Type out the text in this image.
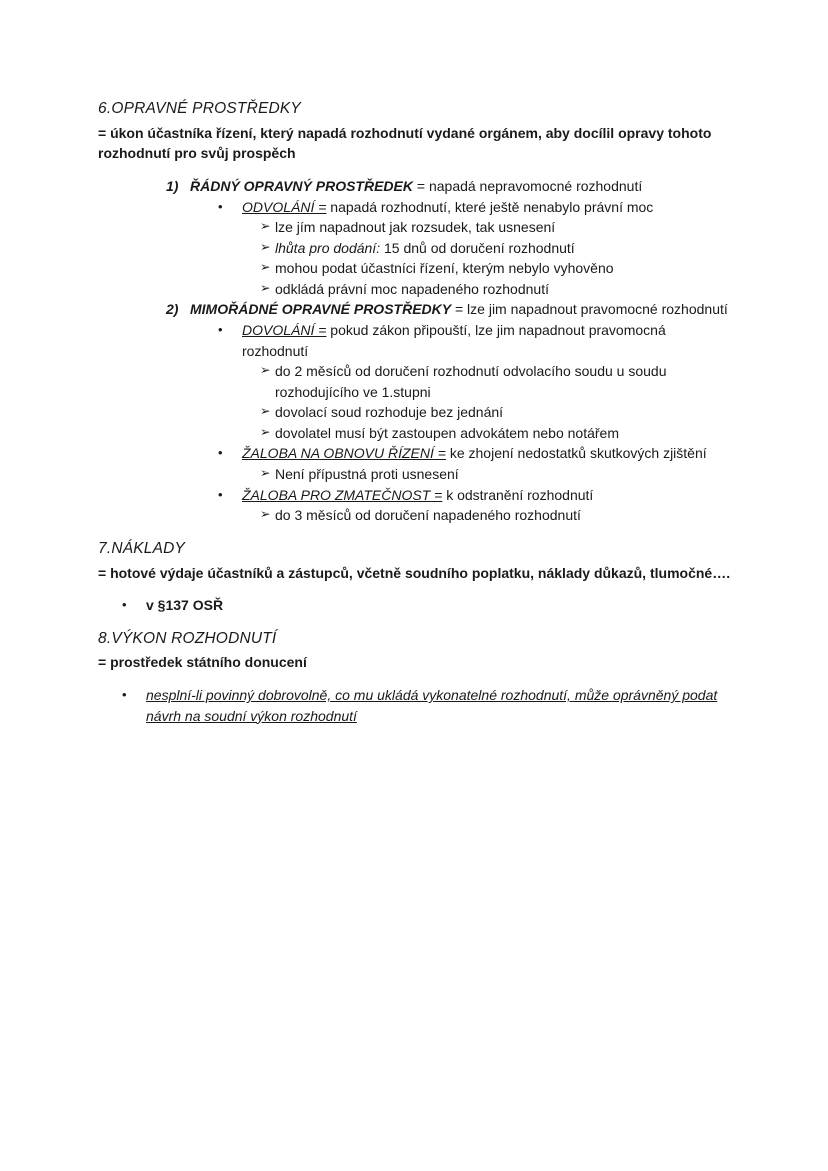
6.OPRAVNÉ PROSTŘEDKY

= úkon účastníka řízení, který napadá rozhodnutí vydané orgánem, aby docílil opravy tohoto rozhodnutí pro svůj prospěch

1) ŘÁDNÝ OPRAVNÝ PROSTŘEDEK = napadá nepravomocné rozhodnutí
•	ODVOLÁNÍ = napadá rozhodnutí, které ještě nenabylo právní moc
➢ lze jím napadnout jak rozsudek, tak usnesení
➢ lhůta pro dodání: 15 dnů od doručení rozhodnutí
➢ mohou podat účastníci řízení, kterým nebylo vyhověno
➢ odkládá právní moc napadeného rozhodnutí
2) MIMOŘÁDNÉ OPRAVNÉ PROSTŘEDKY = lze jim napadnout pravomocné rozhodnutí
•	DOVOLÁNÍ = pokud zákon připouští, lze jim napadnout pravomocná rozhodnutí
➢ do 2 měsíců od doručení rozhodnutí odvolacího soudu u soudu rozhodujícího ve 1.stupni
➢ dovolací soud rozhoduje bez jednání
➢ dovolatel musí být zastoupen advokátem nebo notářem
•	ŽALOBA NA OBNOVU ŘÍZENÍ = ke zhojení nedostatků skutkových zjištění
➢ Není přípustná proti usnesení
•	ŽALOBA PRO ZMATEČNOST = k odstranění rozhodnutí
➢ do 3 měsíců od doručení napadeného rozhodnutí
7.NÁKLADY

= hotové výdaje účastníků a zástupců, včetně soudního poplatku, náklady důkazů, tlumočné….

•	v §137 OSŘ
8.VÝKON ROZHODNUTÍ

= prostředek státního donucení

•	nesplní-li povinný dobrovolně, co mu ukládá vykonatelné rozhodnutí, může oprávněný podat návrh na soudní výkon rozhodnutí
